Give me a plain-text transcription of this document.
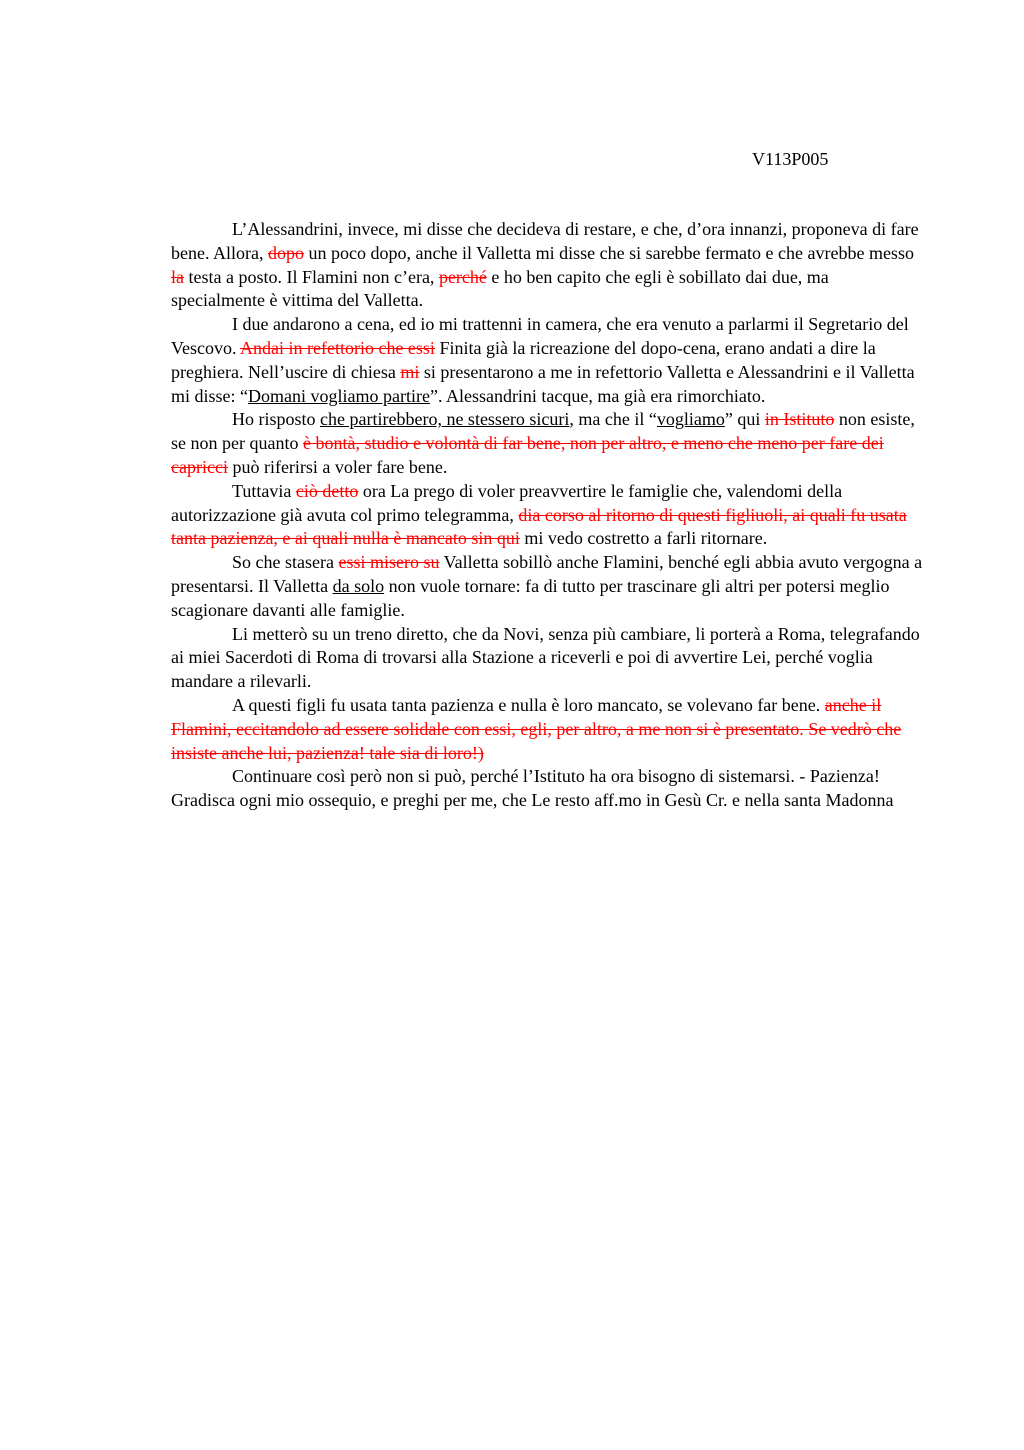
V113P005

L’Alessandrini, invece, mi disse che decideva di restare, e che, d’ora innanzi, proponeva di fare bene. Allora, dopo un poco dopo, anche il Valletta mi disse che si sarebbe fermato e che avrebbe messo la testa a posto. Il Flamini non c’era, perché e ho ben capito che egli è sobillato dai due, ma specialmente è vittima del Valletta.

I due andarono a cena, ed io mi trattenni in camera, che era venuto a parlarmi il Segretario del Vescovo. Andai in refettorio che essi Finita già la ricreazione del dopo-cena, erano andati a dire la preghiera. Nell’uscire di chiesa mi si presentarono a me in refettorio Valletta e Alessandrini e il Valletta mi disse: “Domani vogliamo partire”. Alessandrini tacque, ma già era rimorchiato.

Ho risposto che partirebbero, ne stessero sicuri, ma che il “vogliamo” qui in Istituto non esiste, se non per quanto è bontà, studio e volontà di far bene, non per altro, e meno che meno per fare dei capricci può riferirsi a voler fare bene.

Tuttavia ciò detto ora La prego di voler preavvertire le famiglie che, valendomi della autorizzazione già avuta col primo telegramma, dia corso al ritorno di questi figliuoli, ai quali fu usata tanta pazienza, e ai quali nulla è mancato sin qui mi vedo costretto a farli ritornare.

So che stasera essi misero su Valletta sobillò anche Flamini, benché egli abbia avuto vergogna a presentarsi. Il Valletta da solo non vuole tornare: fa di tutto per trascinare gli altri per potersi meglio scagionare davanti alle famiglie.

Li metterò su un treno diretto, che da Novi, senza più cambiare, li porterà a Roma, telegrafando ai miei Sacerdoti di Roma di trovarsi alla Stazione a riceverli e poi di avvertire Lei, perché voglia mandare a rilevarli.

A questi figli fu usata tanta pazienza e nulla è loro mancato, se volevano far bene. anche il Flamini, eccitandolo ad essere solidale con essi, egli, per altro, a me non si è presentato. Se vedrò che insiste anche lui, pazienza! tale sia di loro!)

Continuare così però non si può, perché l’Istituto ha ora bisogno di sistemarsi. - Pazienza! Gradisca ogni mio ossequio, e preghi per me, che Le resto aff.mo in Gesù Cr. e nella santa Madonna
